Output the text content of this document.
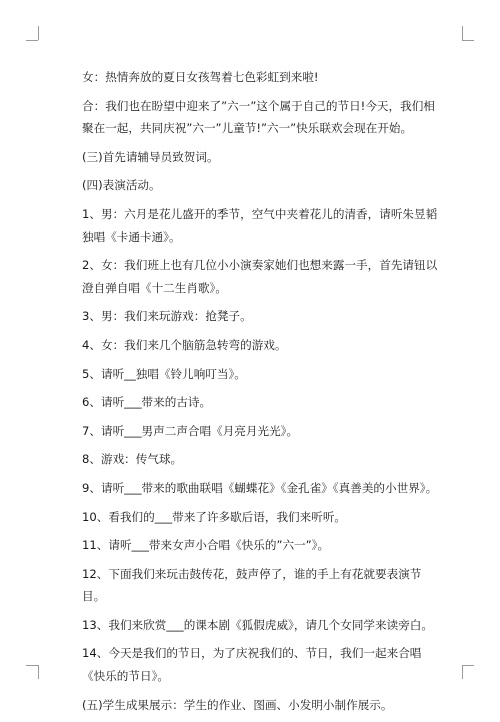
女：热情奔放的夏日女孩驾着七色彩虹到来啦!

合：我们也在盼望中迎来了”六一”这个属于自己的节日!今天，我们相聚在一起，共同庆祝”六一”儿童节!”六一”快乐联欢会现在开始。

(三)首先请辅导员致贺词。

(四)表演活动。

1、男：六月是花儿盛开的季节，空气中夹着花儿的清香，请听朱昱韬独唱《卡通卡通》。

2、女：我们班上也有几位小小演奏家她们也想来露一手，首先请钮以澄自弹自唱《十二生肖歌》。

3、男：我们来玩游戏：抢凳子。

4、女：我们来几个脑筋急转弯的游戏。

5、请听__独唱《铃儿响叮当》。

6、请听___带来的古诗。

7、请听___男声二声合唱《月亮月光光》。

8、游戏：传气球。

9、请听___带来的歌曲联唱《蝴蝶花》《金孔雀》《真善美的小世界》。

10、看我们的___带来了许多歇后语，我们来听听。

11、请听___带来女声小合唱《快乐的”六一”》。

12、下面我们来玩击鼓传花，鼓声停了，谁的手上有花就要表演节目。

13、我们来欣赏___的课本剧《狐假虎威》，请几个女同学来读旁白。

14、今天是我们的节日，为了庆祝我们的、节日，我们一起来合唱《快乐的节日》。

(五)学生成果展示：学生的作业、图画、小发明小制作展示。
